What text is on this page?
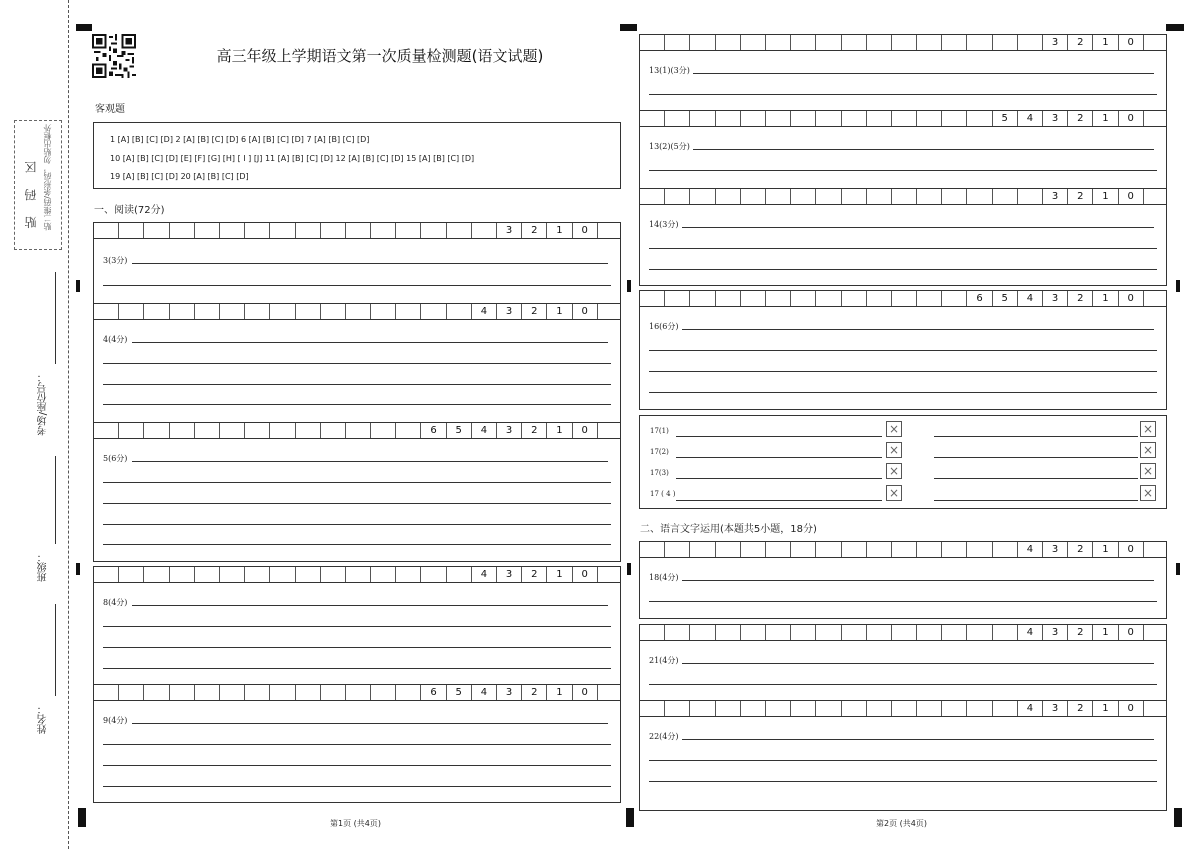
贴 码 区 贴二维码/条形码，勿贴出框外
考场/座位号：
班级：
姓名：
高三年级上学期语文第一次质量检测题(语文试题)
客观题
1 [A] [B] [C] [D] 2 [A] [B] [C] [D] 6 [A] [B] [C] [D] 7 [A] [B] [C] [D]
10 [A] [B] [C] [D] [E] [F] [G] [H] [ I ] [J] 11 [A] [B] [C] [D] 12 [A] [B] [C] [D] 15 [A] [B] [C] [D]
19 [A] [B] [C] [D] 20 [A] [B] [C] [D]
一、阅读(72分)
3	2	1	0
3(3分)
4	3	2	1	0
4(4分)
6	5	4	3	2	1	0
5(6分)
4	3	2	1	0
8(4分)
6	5	4	3	2	1	0
9(4分)
第1页 (共4页)
3	2	1	0
13(1)(3分)
5	4	3	2	1	0
13(2)(5分)
3	2	1	0
14(3分)
6	5	4	3	2	1	0
16(6分)
17(1)	×	×
17(2)	×	×
17(3)	×	×
17 ( 4 )	×	×
二、语言文字运用(本题共5小题，18分)
4	3	2	1	0
18(4分)
4	3	2	1	0
21(4分)
4	3	2	1	0
22(4分)
第2页 (共4页)
